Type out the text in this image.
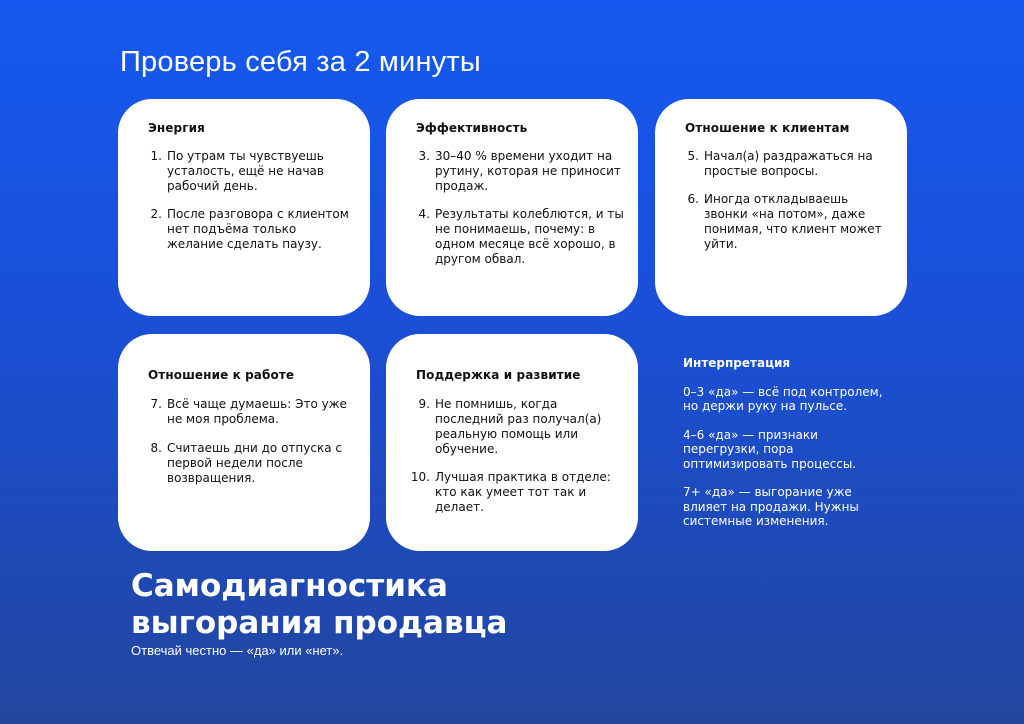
Проверь себя за 2 минуты
Энергия
1. По утрам ты чувствуешь усталость, ещё не начав рабочий день.
2. После разговора с клиентом нет подъёма только желание сделать паузу.
Эффективность
3. 30–40 % времени уходит на рутину, которая не приносит продаж.
4. Результаты колеблются, и ты не понимаешь, почему: в одном месяце всё хорошо, в другом обвал.
Отношение к клиентам
5. Начал(а) раздражаться на простые вопросы.
6. Иногда откладываешь звонки «на потом», даже понимая, что клиент может уйти.
Отношение к работе
7. Всё чаще думаешь: Это уже не моя проблема.
8. Считаешь дни до отпуска с первой недели после возвращения.
Поддержка и развитие
9. Не помнишь, когда последний раз получал(а) реальную помощь или обучение.
10. Лучшая практика в отделе: кто как умеет тот так и делает.
Интерпретация

0–3 «да» — всё под контролем, но держи руку на пульсе.

4–6 «да» — признаки перегрузки, пора оптимизировать процессы.

7+ «да» — выгорание уже влияет на продажи. Нужны системные изменения.

Самодиагностика
выгорания продавца
Отвечай честно — «да» или «нет».
